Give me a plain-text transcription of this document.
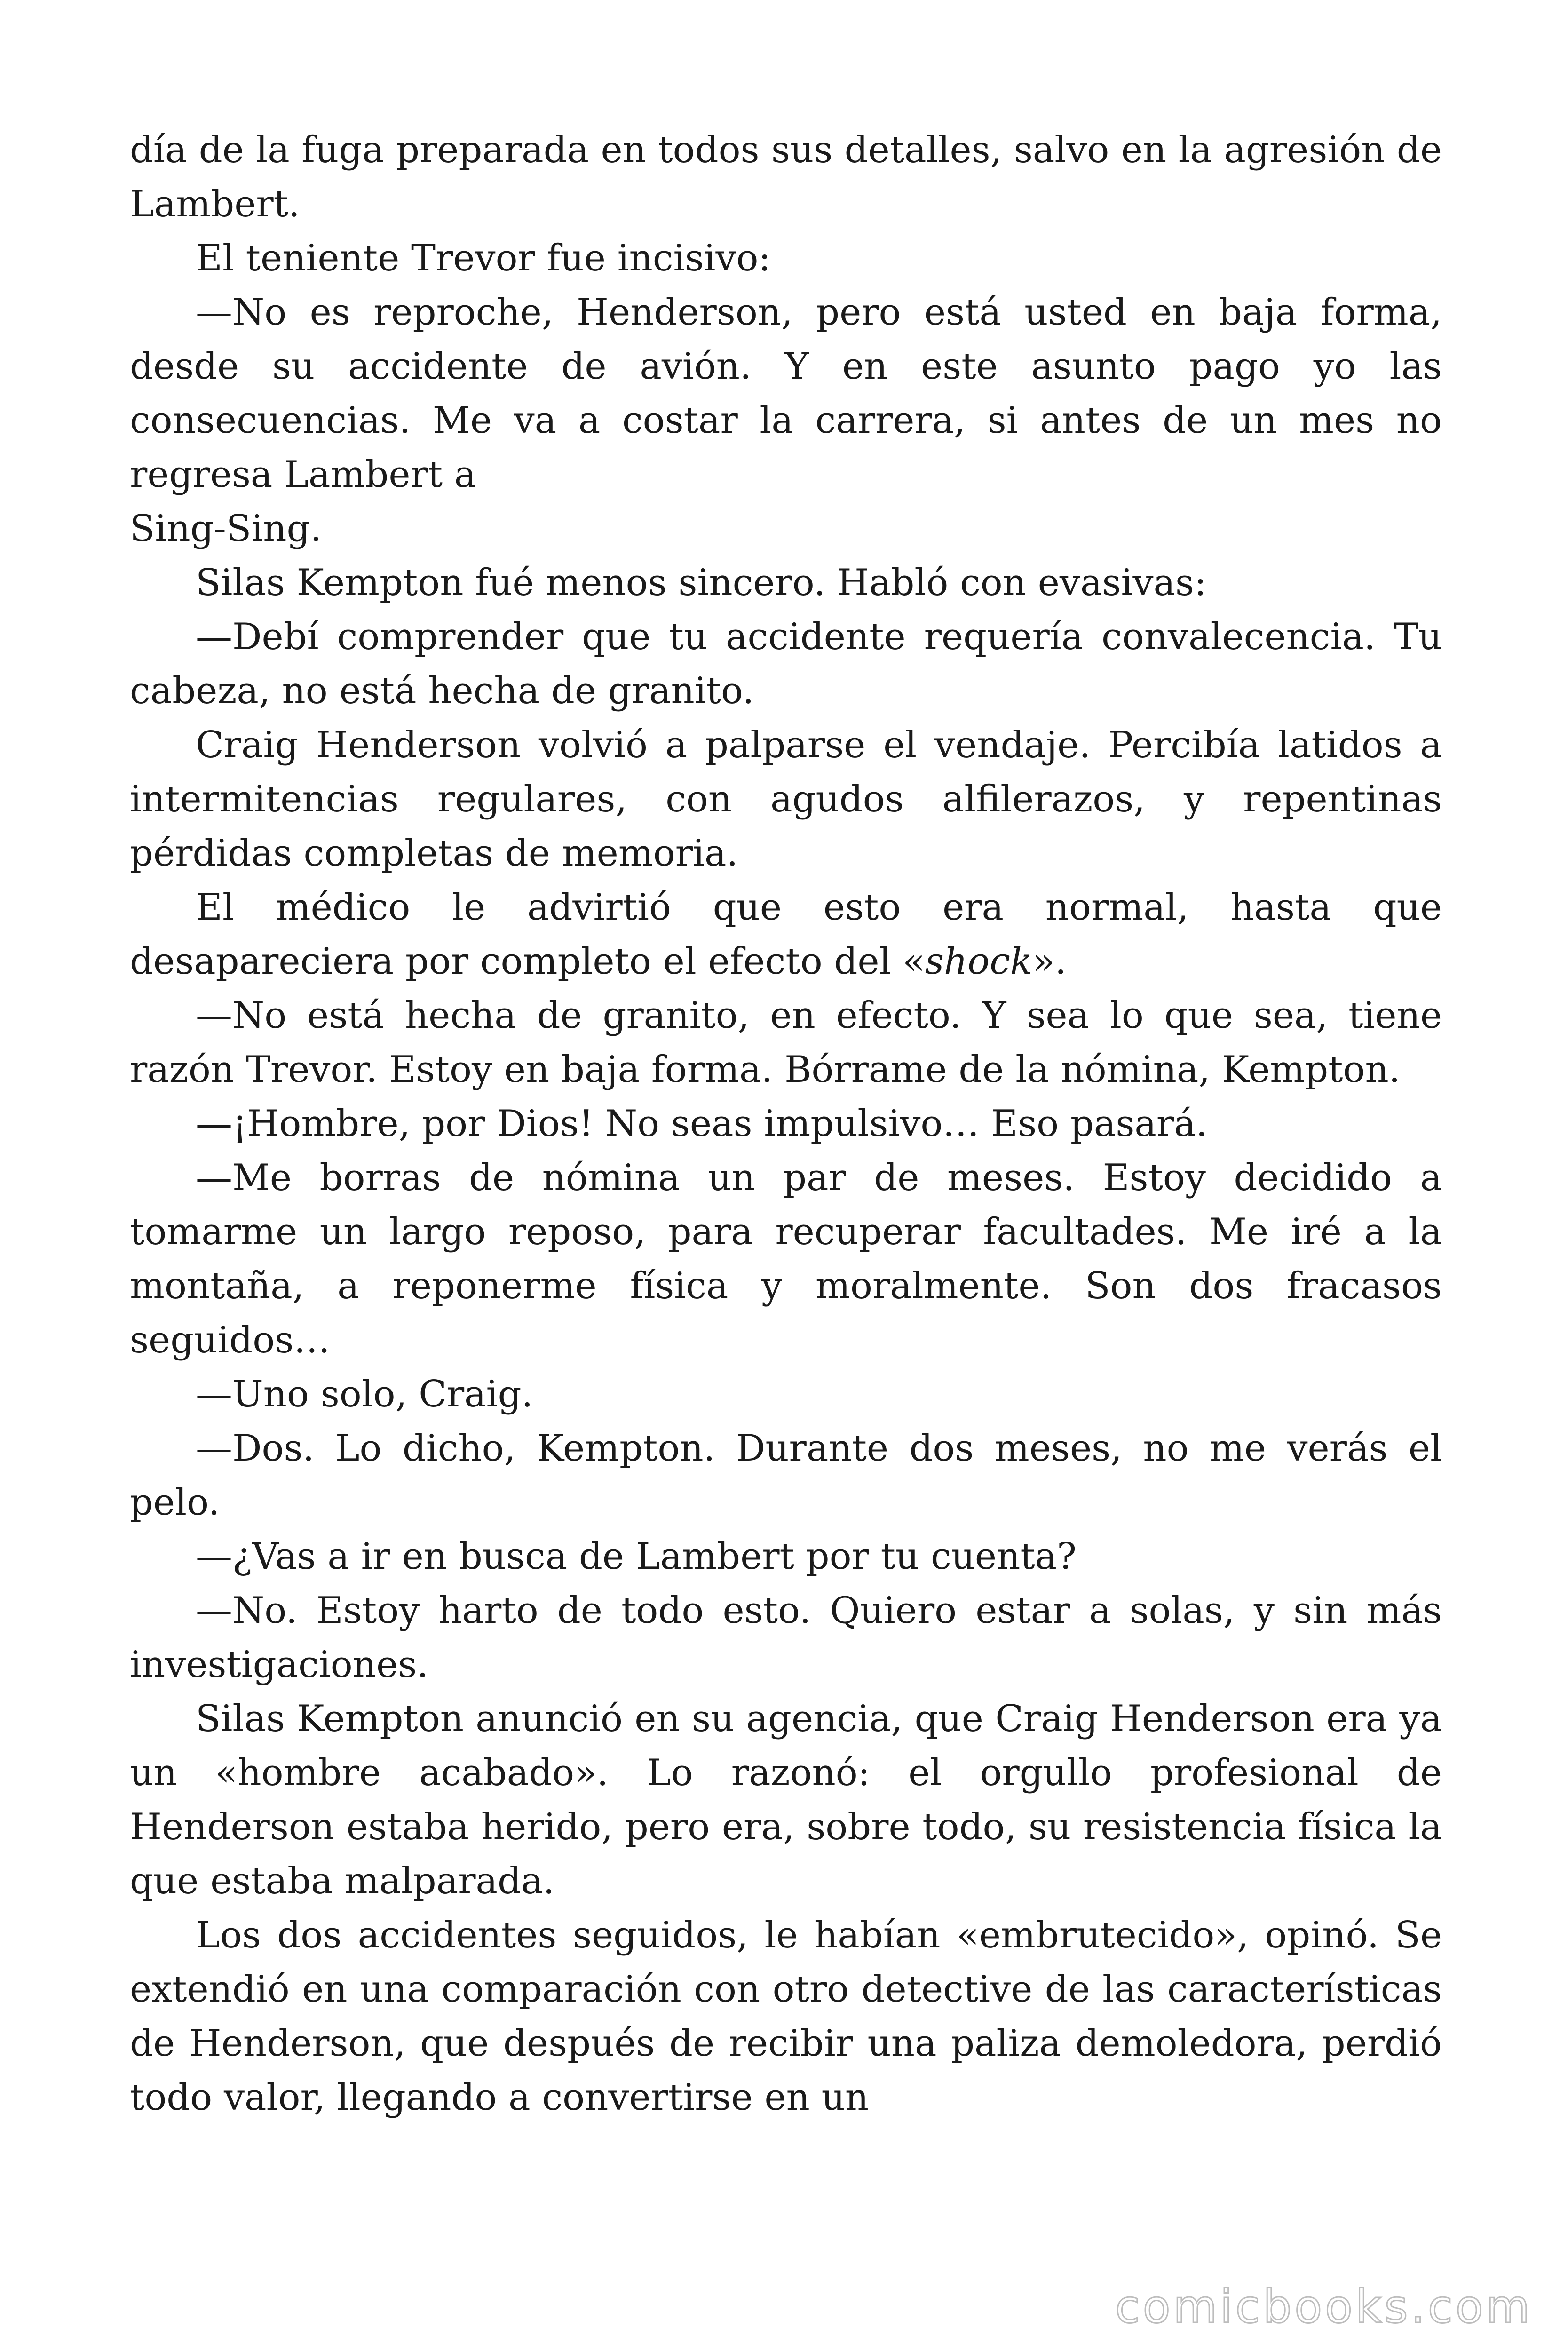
día de la fuga preparada en todos sus detalles, salvo en la agresión de Lambert.

El teniente Trevor fue incisivo:

—No es reproche, Henderson, pero está usted en baja forma, desde su accidente de avión. Y en este asunto pago yo las consecuencias. Me va a costar la carrera, si antes de un mes no regresa Lambert a

Sing-Sing.

Silas Kempton fué menos sincero. Habló con evasivas:

—Debí comprender que tu accidente requería convalecencia. Tu cabeza, no está hecha de granito.

Craig Henderson volvió a palparse el vendaje. Percibía latidos a intermitencias regulares, con agudos alfilerazos, y repentinas pérdidas completas de memoria.

El médico le advirtió que esto era normal, hasta que desapareciera por completo el efecto del «shock».

—No está hecha de granito, en efecto. Y sea lo que sea, tiene razón Trevor. Estoy en baja forma. Bórrame de la nómina, Kempton.

—¡Hombre, por Dios! No seas impulsivo… Eso pasará.

—Me borras de nómina un par de meses. Estoy decidido a tomarme un largo reposo, para recuperar facultades. Me iré a la montaña, a reponerme física y moralmente. Son dos fracasos seguidos…

—Uno solo, Craig.

—Dos. Lo dicho, Kempton. Durante dos meses, no me verás el pelo.

—¿Vas a ir en busca de Lambert por tu cuenta?

—No. Estoy harto de todo esto. Quiero estar a solas, y sin más investigaciones.

Silas Kempton anunció en su agencia, que Craig Henderson era ya un «hombre acabado». Lo razonó: el orgullo profesional de Henderson estaba herido, pero era, sobre todo, su resistencia física la que estaba malparada.

Los dos accidentes seguidos, le habían «embrutecido», opinó. Se extendió en una comparación con otro detective de las características de Henderson, que después de recibir una paliza demoledora, perdió todo valor, llegando a convertirse en un

comicbooks.com
